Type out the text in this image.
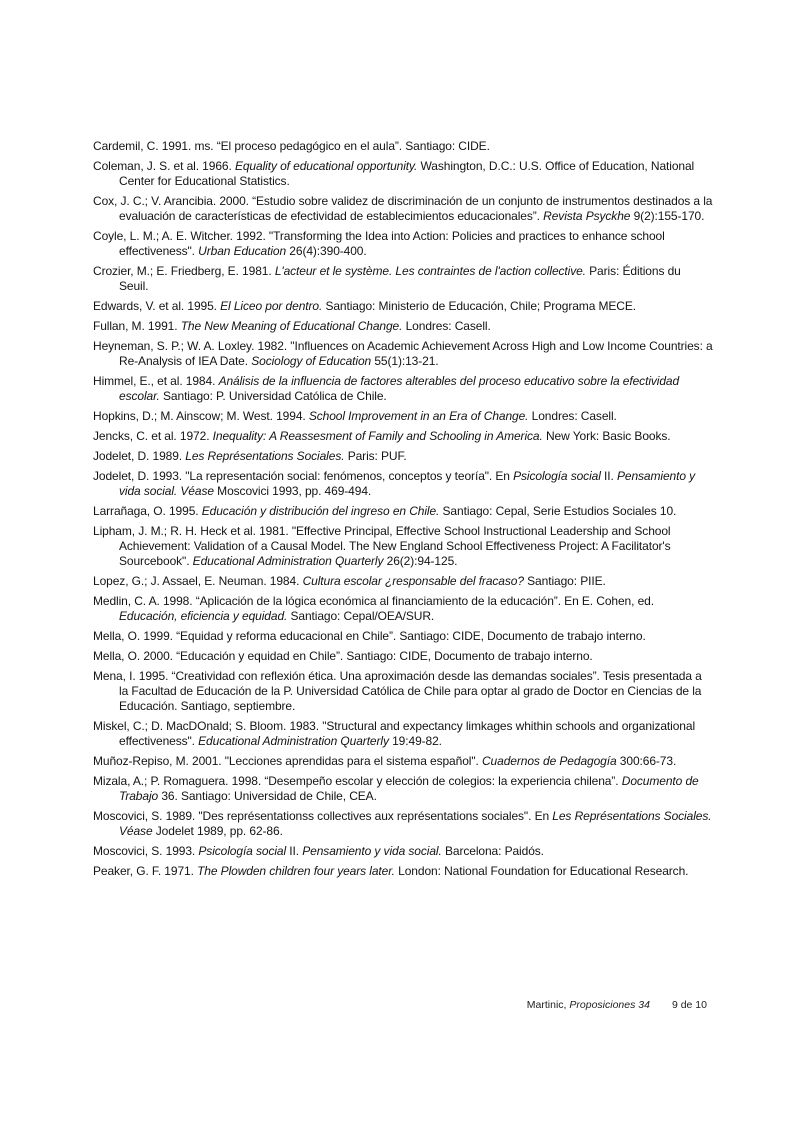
Cardemil, C. 1991. ms. “El proceso pedagógico en el aula”. Santiago: CIDE.

Coleman, J. S. et al. 1966. Equality of educational opportunity. Washington, D.C.: U.S. Office of Education, National Center for Educational Statistics.

Cox, J. C.; V. Arancibia. 2000. “Estudio sobre validez de discriminación de un conjunto de instrumentos destinados a la evaluación de características de efectividad de establecimientos educacionales”. Revista Psyckhe 9(2):155-170.

Coyle, L. M.; A. E. Witcher. 1992. "Transforming the Idea into Action: Policies and practices to enhance school effectiveness". Urban Education 26(4):390-400.

Crozier, M.; E. Friedberg, E. 1981. L'acteur et le système. Les contraintes de l'action collective. Paris: Éditions du Seuil.

Edwards, V. et al. 1995. El Liceo por dentro. Santiago: Ministerio de Educación, Chile; Programa MECE.

Fullan, M. 1991. The New Meaning of Educational Change. Londres: Casell.

Heyneman, S. P.; W. A. Loxley. 1982. "Influences on Academic Achievement Across High and Low Income Countries: a Re-Analysis of IEA Date. Sociology of Education 55(1):13-21.

Himmel, E., et al. 1984. Análisis de la influencia de factores alterables del proceso educativo sobre la efectividad escolar. Santiago: P. Universidad Católica de Chile.

Hopkins, D.; M. Ainscow; M. West. 1994. School Improvement in an Era of Change. Londres: Casell.

Jencks, C. et al. 1972. Inequality: A Reassesment of Family and Schooling in America. New York: Basic Books.

Jodelet, D. 1989. Les Représentations Sociales. Paris: PUF.

Jodelet, D. 1993. "La representación social: fenómenos, conceptos y teoría". En Psicología social II. Pensamiento y vida social. Véase Moscovici 1993, pp. 469-494.

Larrañaga, O. 1995. Educación y distribución del ingreso en Chile. Santiago: Cepal, Serie Estudios Sociales 10.

Lipham, J. M.; R. H. Heck et al. 1981. "Effective Principal, Effective School Instructional Leadership and School Achievement: Validation of a Causal Model. The New England School Effectiveness Project: A Facilitator's Sourcebook". Educational Administration Quarterly 26(2):94-125.

Lopez, G.; J. Assael, E. Neuman. 1984. Cultura escolar ¿responsable del fracaso? Santiago: PIIE.

Medlin, C. A. 1998. “Aplicación de la lógica económica al financiamiento de la educación”. En E. Cohen, ed. Educación, eficiencia y equidad. Santiago: Cepal/OEA/SUR.

Mella, O. 1999. “Equidad y reforma educacional en Chile”. Santiago: CIDE, Documento de trabajo interno.

Mella, O. 2000. “Educación y equidad en Chile”. Santiago: CIDE, Documento de trabajo interno.

Mena, I. 1995. “Creatividad con reflexión ética. Una aproximación desde las demandas sociales”. Tesis presentada a la Facultad de Educación de la P. Universidad Católica de Chile para optar al grado de Doctor en Ciencias de la Educación. Santiago, septiembre.

Miskel, C.; D. MacDOnald; S. Bloom. 1983. "Structural and expectancy limkages whithin schools and organizational effectiveness". Educational Administration Quarterly 19:49-82.

Muñoz-Repiso, M. 2001. "Lecciones aprendidas para el sistema español". Cuadernos de Pedagogía 300:66-73.

Mizala, A.; P. Romaguera. 1998. “Desempeño escolar y elección de colegios: la experiencia chilena”. Documento de Trabajo 36. Santiago: Universidad de Chile, CEA.

Moscovici, S. 1989. "Des représentationss collectives aux représentations sociales". En Les Représentations Sociales. Véase Jodelet 1989, pp. 62-86.

Moscovici, S. 1993. Psicología social II. Pensamiento y vida social. Barcelona: Paidós.

Peaker, G. F. 1971. The Plowden children four years later. London: National Foundation for Educational Research.

Martinic, Proposiciones 34 9 de 10
